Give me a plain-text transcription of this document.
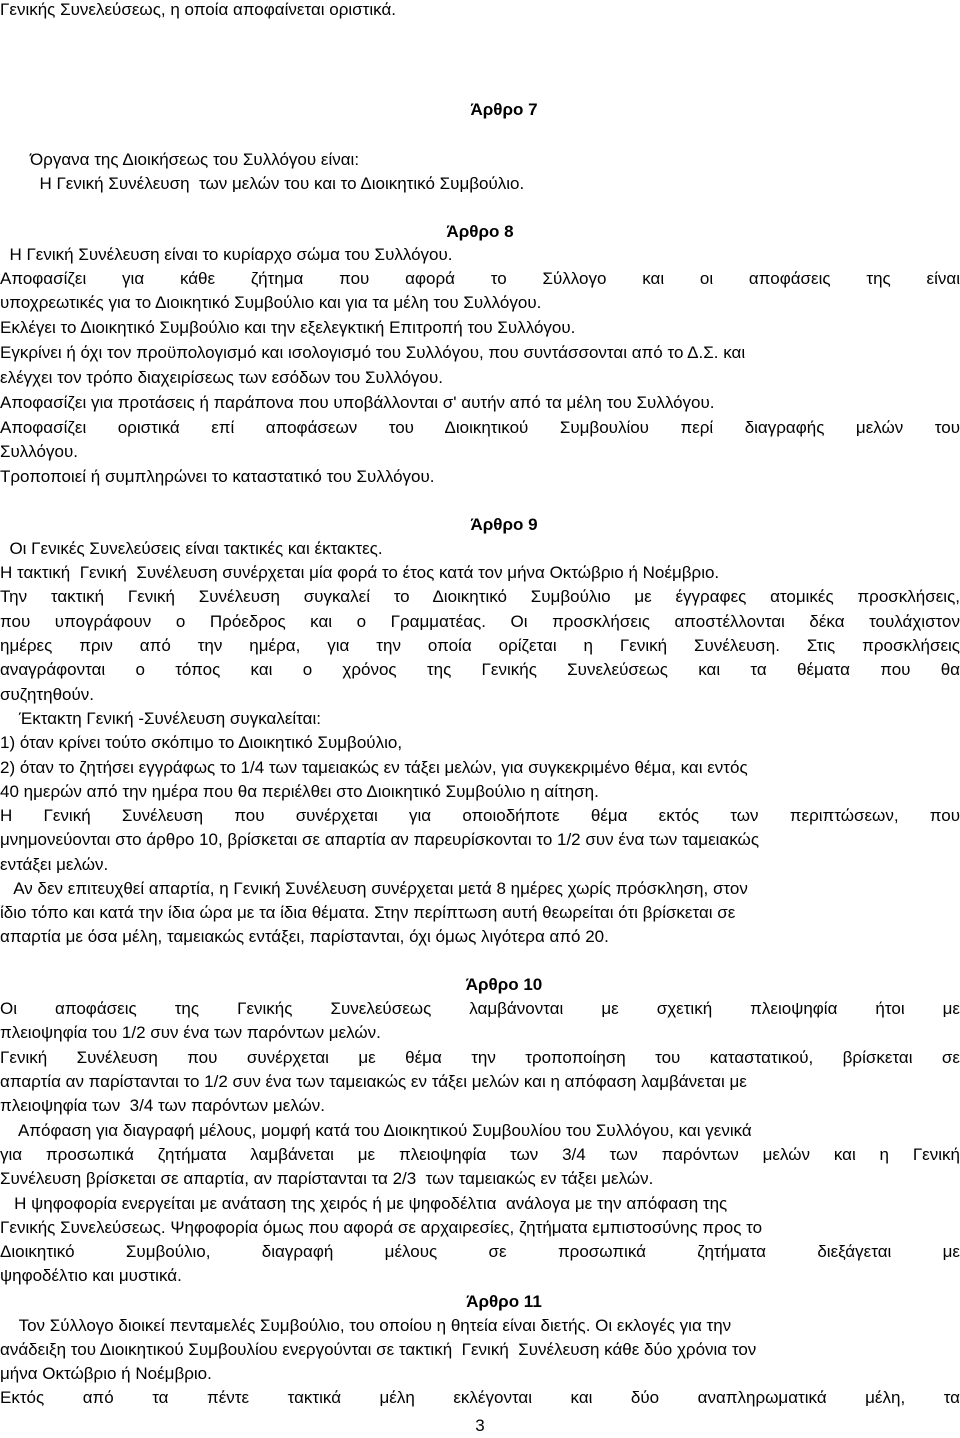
Γενικής Συνελεύσεως, η οποία αποφαίνεται οριστικά.

Άρθρο 7

Όργανα της Διοικήσεως του Συλλόγου είναι:

Η Γενική Συνέλευση  των μελών του και το Διοικητικό Συμβούλιο.

Άρθρο 8

Η Γενική Συνέλευση είναι το κυρίαρχο σώμα του Συλλόγου.

Αποφασίζει για κάθε ζήτημα που αφορά το Σύλλογο και οι αποφάσεις της είναι

υποχρεωτικές για το Διοικητικό Συμβούλιο και για τα μέλη του Συλλόγου.

Εκλέγει το Διοικητικό Συμβούλιο και την εξελεγκτική Επιτροπή του Συλλόγου.

Εγκρίνει ή όχι τον προϋπολογισμό και ισολογισμό του Συλλόγου, που συντάσσονται από το Δ.Σ. και

ελέγχει τον τρόπο διαχειρίσεως των εσόδων του Συλλόγου.

Αποφασίζει για προτάσεις ή παράπονα που υποβάλλονται σ' αυτήν από τα μέλη του Συλλόγου.

Αποφασίζει οριστικά επί αποφάσεων του Διοικητικού Συμβουλίου περί διαγραφής μελών του

Συλλόγου.

Τροποποιεί ή συμπληρώνει το καταστατικό του Συλλόγου.

Άρθρο 9

Οι Γενικές Συνελεύσεις είναι τακτικές και έκτακτες.

Η τακτική  Γενική  Συνέλευση συνέρχεται μία φορά το έτος κατά τον μήνα Οκτώβριο ή Νοέμβριο.

Την τακτική Γενική Συνέλευση συγκαλεί το Διοικητικό Συμβούλιο με έγγραφες ατομικές προσκλήσεις,

που υπογράφουν ο Πρόεδρος και ο Γραμματέας. Οι προσκλήσεις αποστέλλονται δέκα τουλάχιστον

ημέρες πριν από την ημέρα, για την οποία ορίζεται η Γενική Συνέλευση. Στις προσκλήσεις

αναγράφονται ο τόπος και ο χρόνος της Γενικής Συνελεύσεως και τα θέματα που θα

συζητηθούν.

Έκτακτη Γενική -Συνέλευση συγκαλείται:

1) όταν κρίνει τούτο σκόπιμο το Διοικητικό Συμβούλιο,

2) όταν το ζητήσει εγγράφως το 1/4 των ταμειακώς εν τάξει μελών, για συγκεκριμένο θέμα, και εντός

40 ημερών από την ημέρα που θα περιέλθει στο Διοικητικό Συμβούλιο η αίτηση.

Η Γενική Συνέλευση που συνέρχεται για οποιοδήποτε θέμα εκτός των περιπτώσεων, που

μνημονεύονται στο άρθρο 10, βρίσκεται σε απαρτία αν παρευρίσκονται το 1/2 συν ένα των ταμειακώς

εντάξει μελών.

Αν δεν επιτευχθεί απαρτία, η Γενική Συνέλευση συνέρχεται μετά 8 ημέρες χωρίς πρόσκληση, στον

ίδιο τόπο και κατά την ίδια ώρα με τα ίδια θέματα. Στην περίπτωση αυτή θεωρείται ότι βρίσκεται σε

απαρτία με όσα μέλη, ταμειακώς εντάξει, παρίστανται, όχι όμως λιγότερα από 20.

Άρθρο 10

Οι αποφάσεις της Γενικής Συνελεύσεως λαμβάνονται με σχετική πλειοψηφία ήτοι με

πλειοψηφία του 1/2 συν ένα των παρόντων μελών.

Γενική Συνέλευση που συνέρχεται με θέμα την τροποποίηση του καταστατικού, βρίσκεται σε

απαρτία αν παρίστανται το 1/2 συν ένα των ταμειακώς εν τάξει μελών και η απόφαση λαμβάνεται με

πλειοψηφία των  3/4 των παρόντων μελών.

Απόφαση για διαγραφή μέλους, μομφή κατά του Διοικητικού Συμβουλίου του Συλλόγου, και γενικά

για προσωπικά ζητήματα λαμβάνεται με πλειοψηφία των 3/4 των παρόντων μελών και η Γενική

Συνέλευση βρίσκεται σε απαρτία, αν παρίστανται τα 2/3  των ταμειακώς εν τάξει μελών.

Η ψηφοφορία ενεργείται με ανάταση της χειρός ή με ψηφοδέλτια  ανάλογα με την απόφαση της

Γενικής Συνελεύσεως. Ψηφοφορία όμως που αφορά σε αρχαιρεσίες, ζητήματα εμπιστοσύνης προς το

Διοικητικό Συμβούλιο, διαγραφή μέλους σε προσωπικά ζητήματα διεξάγεται με

ψηφοδέλτιο και μυστικά.

Άρθρο 11

Τον Σύλλογο διοικεί πενταμελές Συμβούλιο, του οποίου η θητεία είναι διετής. Οι εκλογές για την

ανάδειξη του Διοικητικού Συμβουλίου ενεργούνται σε τακτική  Γενική  Συνέλευση κάθε δύο χρόνια τον

μήνα Οκτώβριο ή Νοέμβριο.

Εκτός από τα πέντε τακτικά μέλη εκλέγονται και δύο αναπληρωματικά μέλη, τα

3
